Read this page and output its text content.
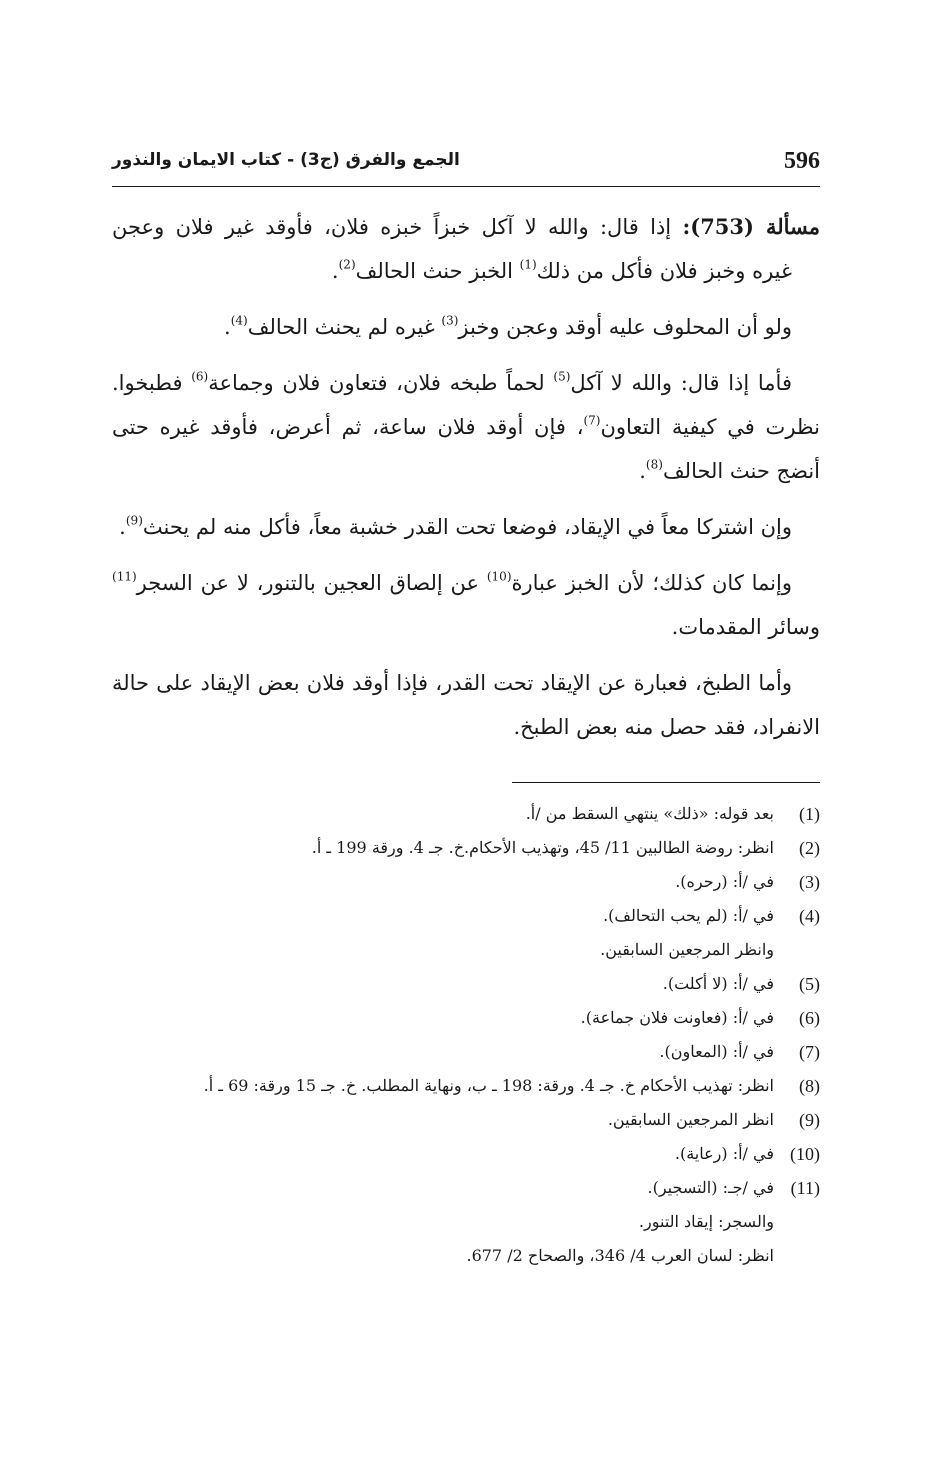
596
الجمع والفرق (ج3) - كتاب الايمان والنذور

مسألة (753): إذا قال: والله لا آكل خبزاً خبزه فلان، فأوقد غير فلان وعجن غيره وخبز فلان فأكل من ذلك$^{(1)}$ الخبز حنث الحالف$^{(2)}$.

ولو أن المحلوف عليه أوقد وعجن وخبز$^{(3)}$ غيره لم يحنث الحالف$^{(4)}$.

فأما إذا قال: والله لا آكل$^{(5)}$ لحماً طبخه فلان، فتعاون فلان وجماعة$^{(6)}$ فطبخوا. نظرت في كيفية التعاون$^{(7)}$، فإن أوقد فلان ساعة، ثم أعرض، فأوقد غيره حتى أنضج حنث الحالف$^{(8)}$.

وإن اشتركا معاً في الإيقاد، فوضعا تحت القدر خشبة معاً، فأكل منه لم يحنث$^{(9)}$.

وإنما كان كذلك؛ لأن الخبز عبارة$^{(10)}$ عن إلصاق العجين بالتنور، لا عن السجر$^{(11)}$ وسائر المقدمات.

وأما الطبخ، فعبارة عن الإيقاد تحت القدر، فإذا أوقد فلان بعض الإيقاد على حالة الانفراد، فقد حصل منه بعض الطبخ.

(1)
بعد قوله: «ذلك» ينتهي السقط من /أ.
(2)
انظر: روضة الطالبين 11/ 45، وتهذيب الأحكام.خ. جـ 4. ورقة 199 ـ أ.
(3)
في /أ: (رحره).
(4)
في /أ: (لم يحب التحالف).
وانظر المرجعين السابقين.
(5)
في /أ: (لا أكلت).
(6)
في /أ: (فعاونت فلان جماعة).
(7)
في /أ: (المعاون).
(8)
انظر: تهذيب الأحكام خ. جـ 4. ورقة: 198 ـ ب، ونهاية المطلب. خ. جـ 15 ورقة: 69 ـ أ.
(9)
انظر المرجعين السابقين.
(10)
في /أ: (رعاية).
(11)
في /جـ: (التسجير).
والسجر: إيقاد التنور.
انظر: لسان العرب 4/ 346، والصحاح 2/ 677.
